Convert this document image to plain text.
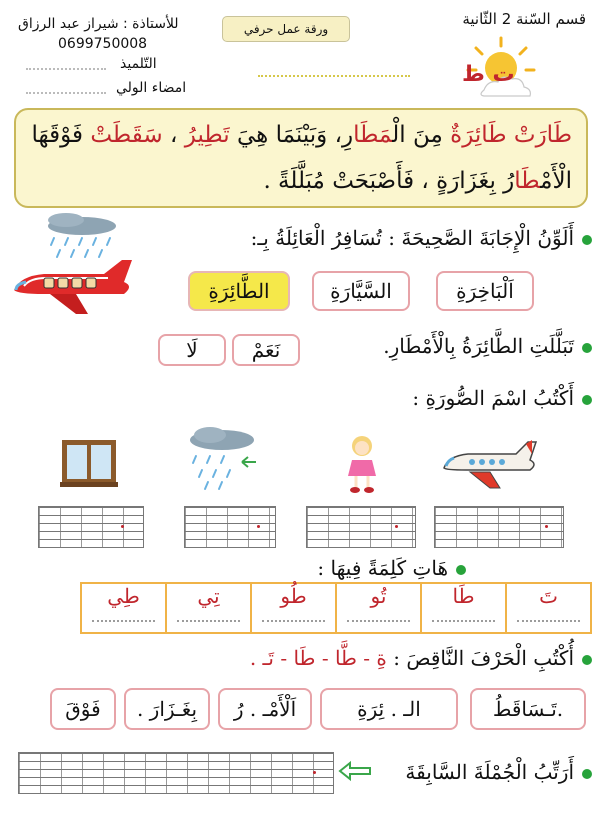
قسم السّنة 2 الثّانية
ورقة عمل حرفي
للأستاذة : شيراز عبد الرزاق
0699750008
التّلميذ
امضاء الولي
ت ط
طَارَتْ طَائِرَةٌ مِنَ الْمَطَارِ، وَبَيْنَمَا هِيَ تَطِيرُ ، سَقَطَتْ فَوْقَهَا الْأَمْطَارُ بِغَزَارَةٍ ، فَأَصْبَحَتْ مُبَلَّلَةً .
أَلَوِّنُ الْإِجَابَةَ الصَّحِيحَةَ : تُسَافِرُ الْعَائِلَةُ بِـ:
اَلْبَاخِرَةِ
السَّيَّارَةِ
الطَّائِرَةِ
تَبَلَّلَتِ الطَّائِرَةُ بِالْأَمْطَارِ.
نَعَمْ
لَا
أَكْتُبُ اسْمَ الصُّورَةِ :
هَاتِ كَلِمَةً فِيهَا :
تَ
طَا
تُو
طُو
تِي
طِي
أُكْتُبِ الْحَرْفَ النَّاقِصَ : ةِ - طَّا - طَا - تَـ .
.تَـسَاقَطُ
الـ . ئِرَةِ
اَلْأَمْـ . رُ
بِغَـزَارَ .
فَوْقَ
أَرَتِّبُ الْجُمْلَةَ السَّابِقَةَ
